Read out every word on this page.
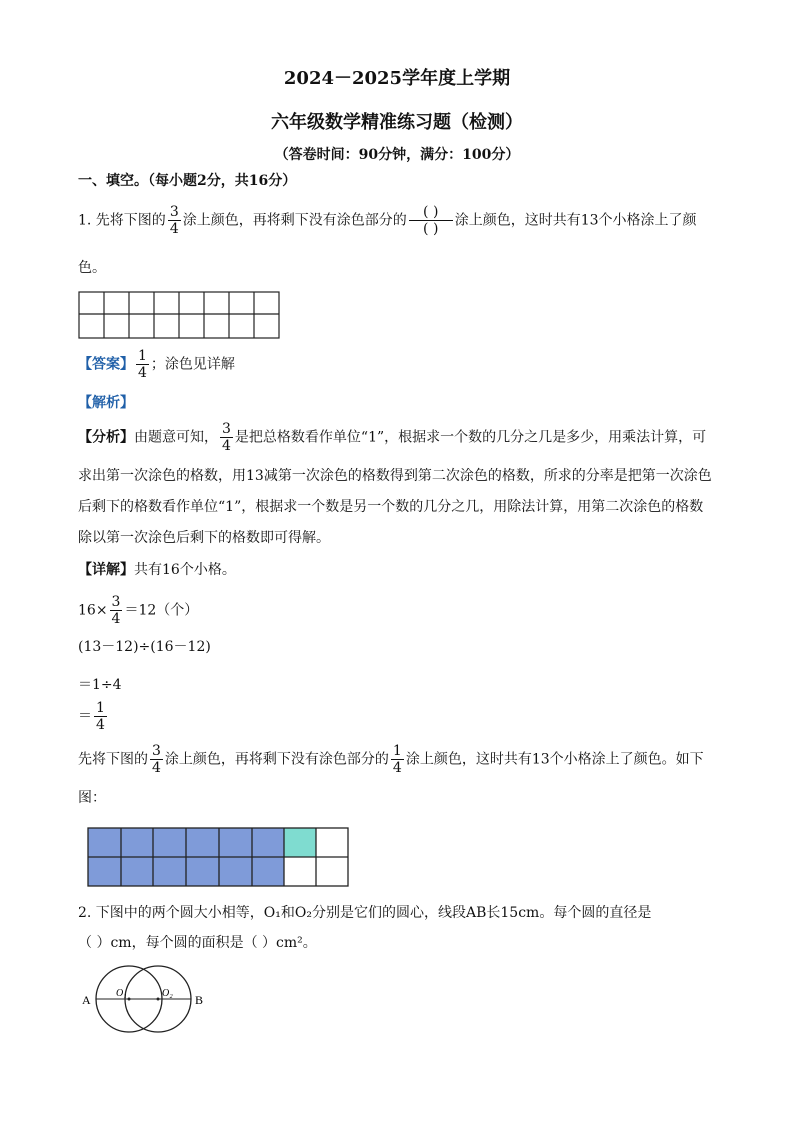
2024－2025学年度上学期
六年级数学精准练习题（检测）
（答卷时间：90分钟，满分：100分）
一、填空。（每小题2分，共16分）
1. 先将下图的 $\frac{3}{4}$ 涂上颜色，再将剩下没有涂色部分的 $\frac{( )}{( )}$ 涂上颜色，这时共有13个小格涂上了颜
色。
【答案】 $\frac{1}{4}$ ；涂色见详解
【解析】
【分析】由题意可知， $\frac{3}{4}$ 是把总格数看作单位“1”，根据求一个数的几分之几是多少，用乘法计算，可
求出第一次涂色的格数，用13减第一次涂色的格数得到第二次涂色的格数，所求的分率是把第一次涂色
后剩下的格数看作单位“1”，根据求一个数是另一个数的几分之几，用除法计算，用第二次涂色的格数
除以第一次涂色后剩下的格数即可得解。
【详解】共有16个小格。
$16\times \frac{3}{4} =12$（个）
(13－12)÷(16－12)
＝1÷4
＝ $\frac{1}{4}$
先将下图的 $\frac{3}{4}$ 涂上颜色，再将剩下没有涂色部分的 $\frac{1}{4}$ 涂上颜色，这时共有13个小格涂上了颜色。如下
图：
2. 下图中的两个圆大小相等，O₁和O₂分别是它们的圆心，线段AB长15cm。每个圆的直径是
（ ）cm，每个圆的面积是（ ）cm²。
A	B
O₁	O₂
